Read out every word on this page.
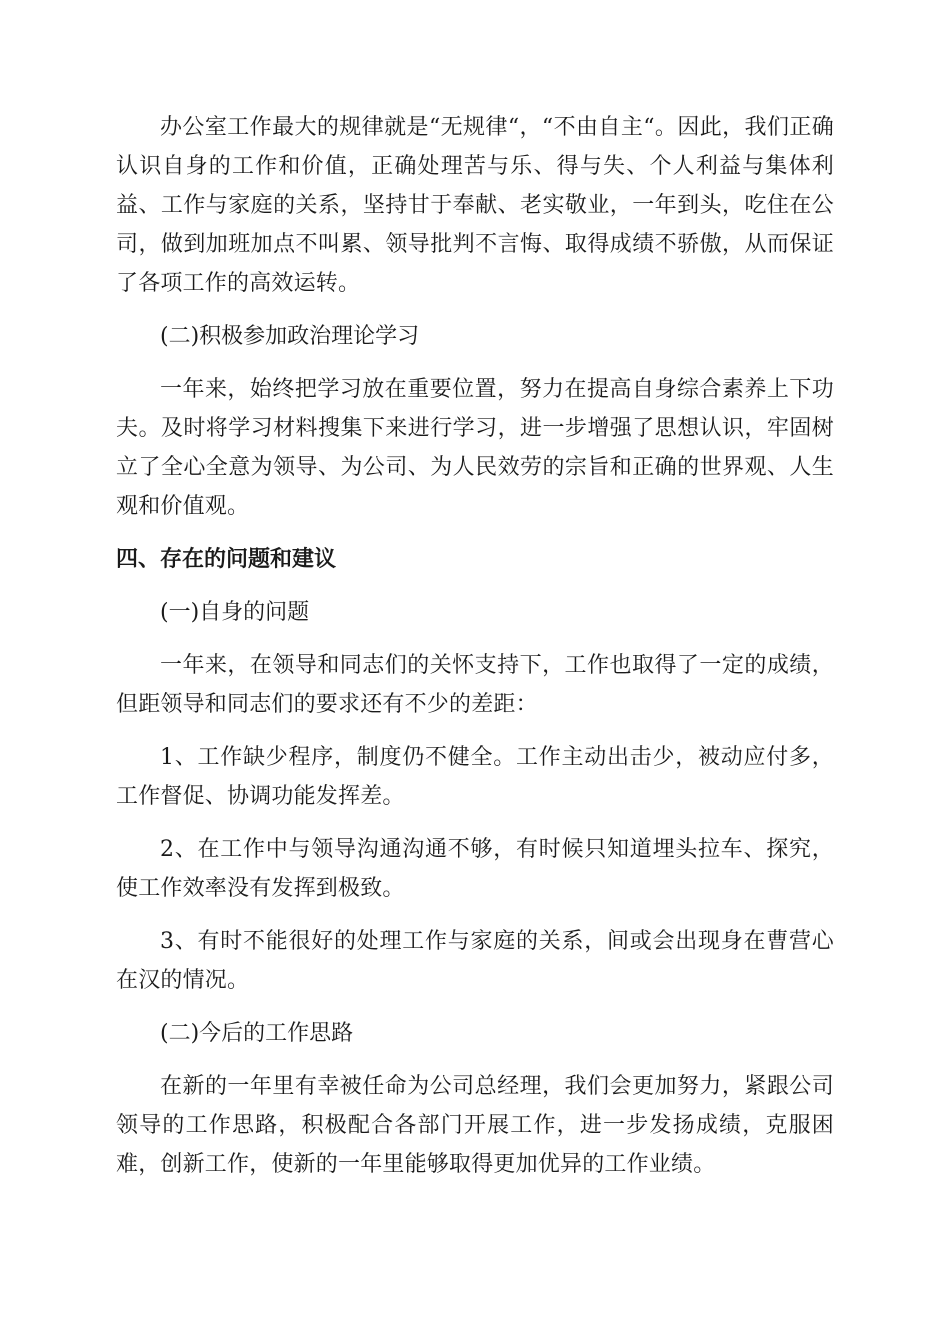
办公室工作最大的规律就是“无规律“，“不由自主“。因此，我们正确认识自身的工作和价值，正确处理苦与乐、得与失、个人利益与集体利益、工作与家庭的关系，坚持甘于奉献、老实敬业，一年到头，吃住在公司，做到加班加点不叫累、领导批判不言悔、取得成绩不骄傲，从而保证了各项工作的高效运转。

(二)积极参加政治理论学习

一年来，始终把学习放在重要位置，努力在提高自身综合素养上下功夫。及时将学习材料搜集下来进行学习，进一步增强了思想认识，牢固树立了全心全意为领导、为公司、为人民效劳的宗旨和正确的世界观、人生观和价值观。

四、存在的问题和建议

(一)自身的问题

一年来，在领导和同志们的关怀支持下，工作也取得了一定的成绩，但距领导和同志们的要求还有不少的差距：

1、工作缺少程序，制度仍不健全。工作主动出击少，被动应付多，工作督促、协调功能发挥差。

2、在工作中与领导沟通沟通不够，有时候只知道埋头拉车、探究，使工作效率没有发挥到极致。

3、有时不能很好的处理工作与家庭的关系，间或会出现身在曹营心在汉的情况。

(二)今后的工作思路

在新的一年里有幸被任命为公司总经理，我们会更加努力，紧跟公司领导的工作思路，积极配合各部门开展工作，进一步发扬成绩，克服困难，创新工作，使新的一年里能够取得更加优异的工作业绩。
